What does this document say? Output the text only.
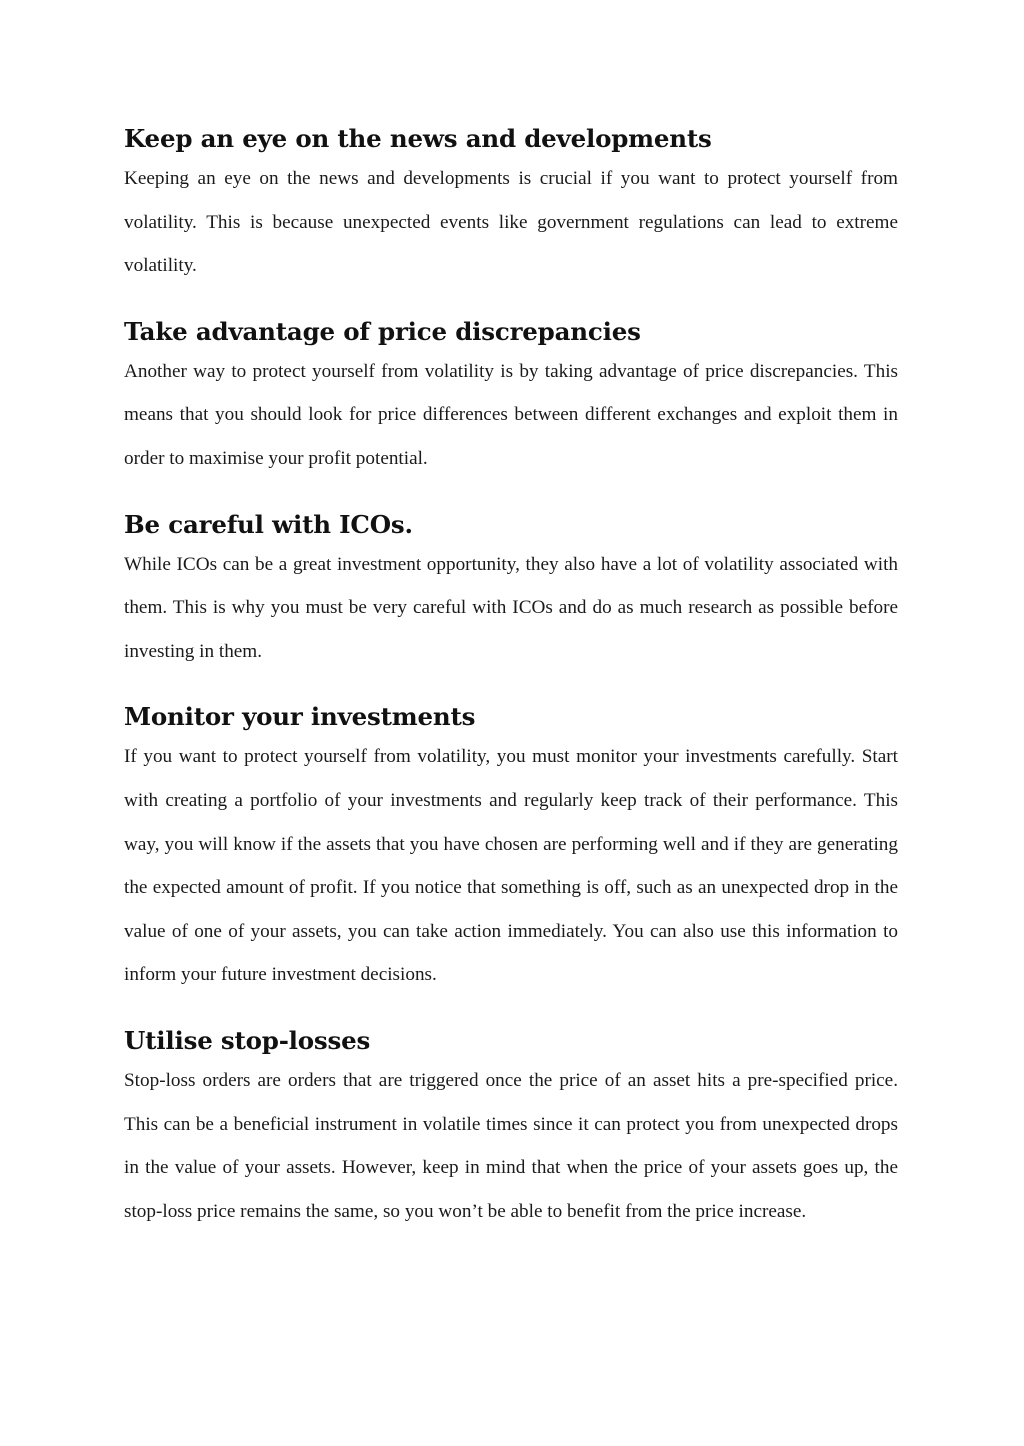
Keep an eye on the news and developments

Keeping an eye on the news and developments is crucial if you want to protect yourself from volatility. This is because unexpected events like government regulations can lead to extreme volatility.

Take advantage of price discrepancies

Another way to protect yourself from volatility is by taking advantage of price discrepancies. This means that you should look for price differences between different exchanges and exploit them in order to maximise your profit potential.

Be careful with ICOs.

While ICOs can be a great investment opportunity, they also have a lot of volatility associated with them. This is why you must be very careful with ICOs and do as much research as possible before investing in them.

Monitor your investments

If you want to protect yourself from volatility, you must monitor your investments carefully. Start with creating a portfolio of your investments and regularly keep track of their performance. This way, you will know if the assets that you have chosen are performing well and if they are generating the expected amount of profit. If you notice that something is off, such as an unexpected drop in the value of one of your assets, you can take action immediately. You can also use this information to inform your future investment decisions.

Utilise stop-losses

Stop-loss orders are orders that are triggered once the price of an asset hits a pre-specified price. This can be a beneficial instrument in volatile times since it can protect you from unexpected drops in the value of your assets. However, keep in mind that when the price of your assets goes up, the stop-loss price remains the same, so you won’t be able to benefit from the price increase.
